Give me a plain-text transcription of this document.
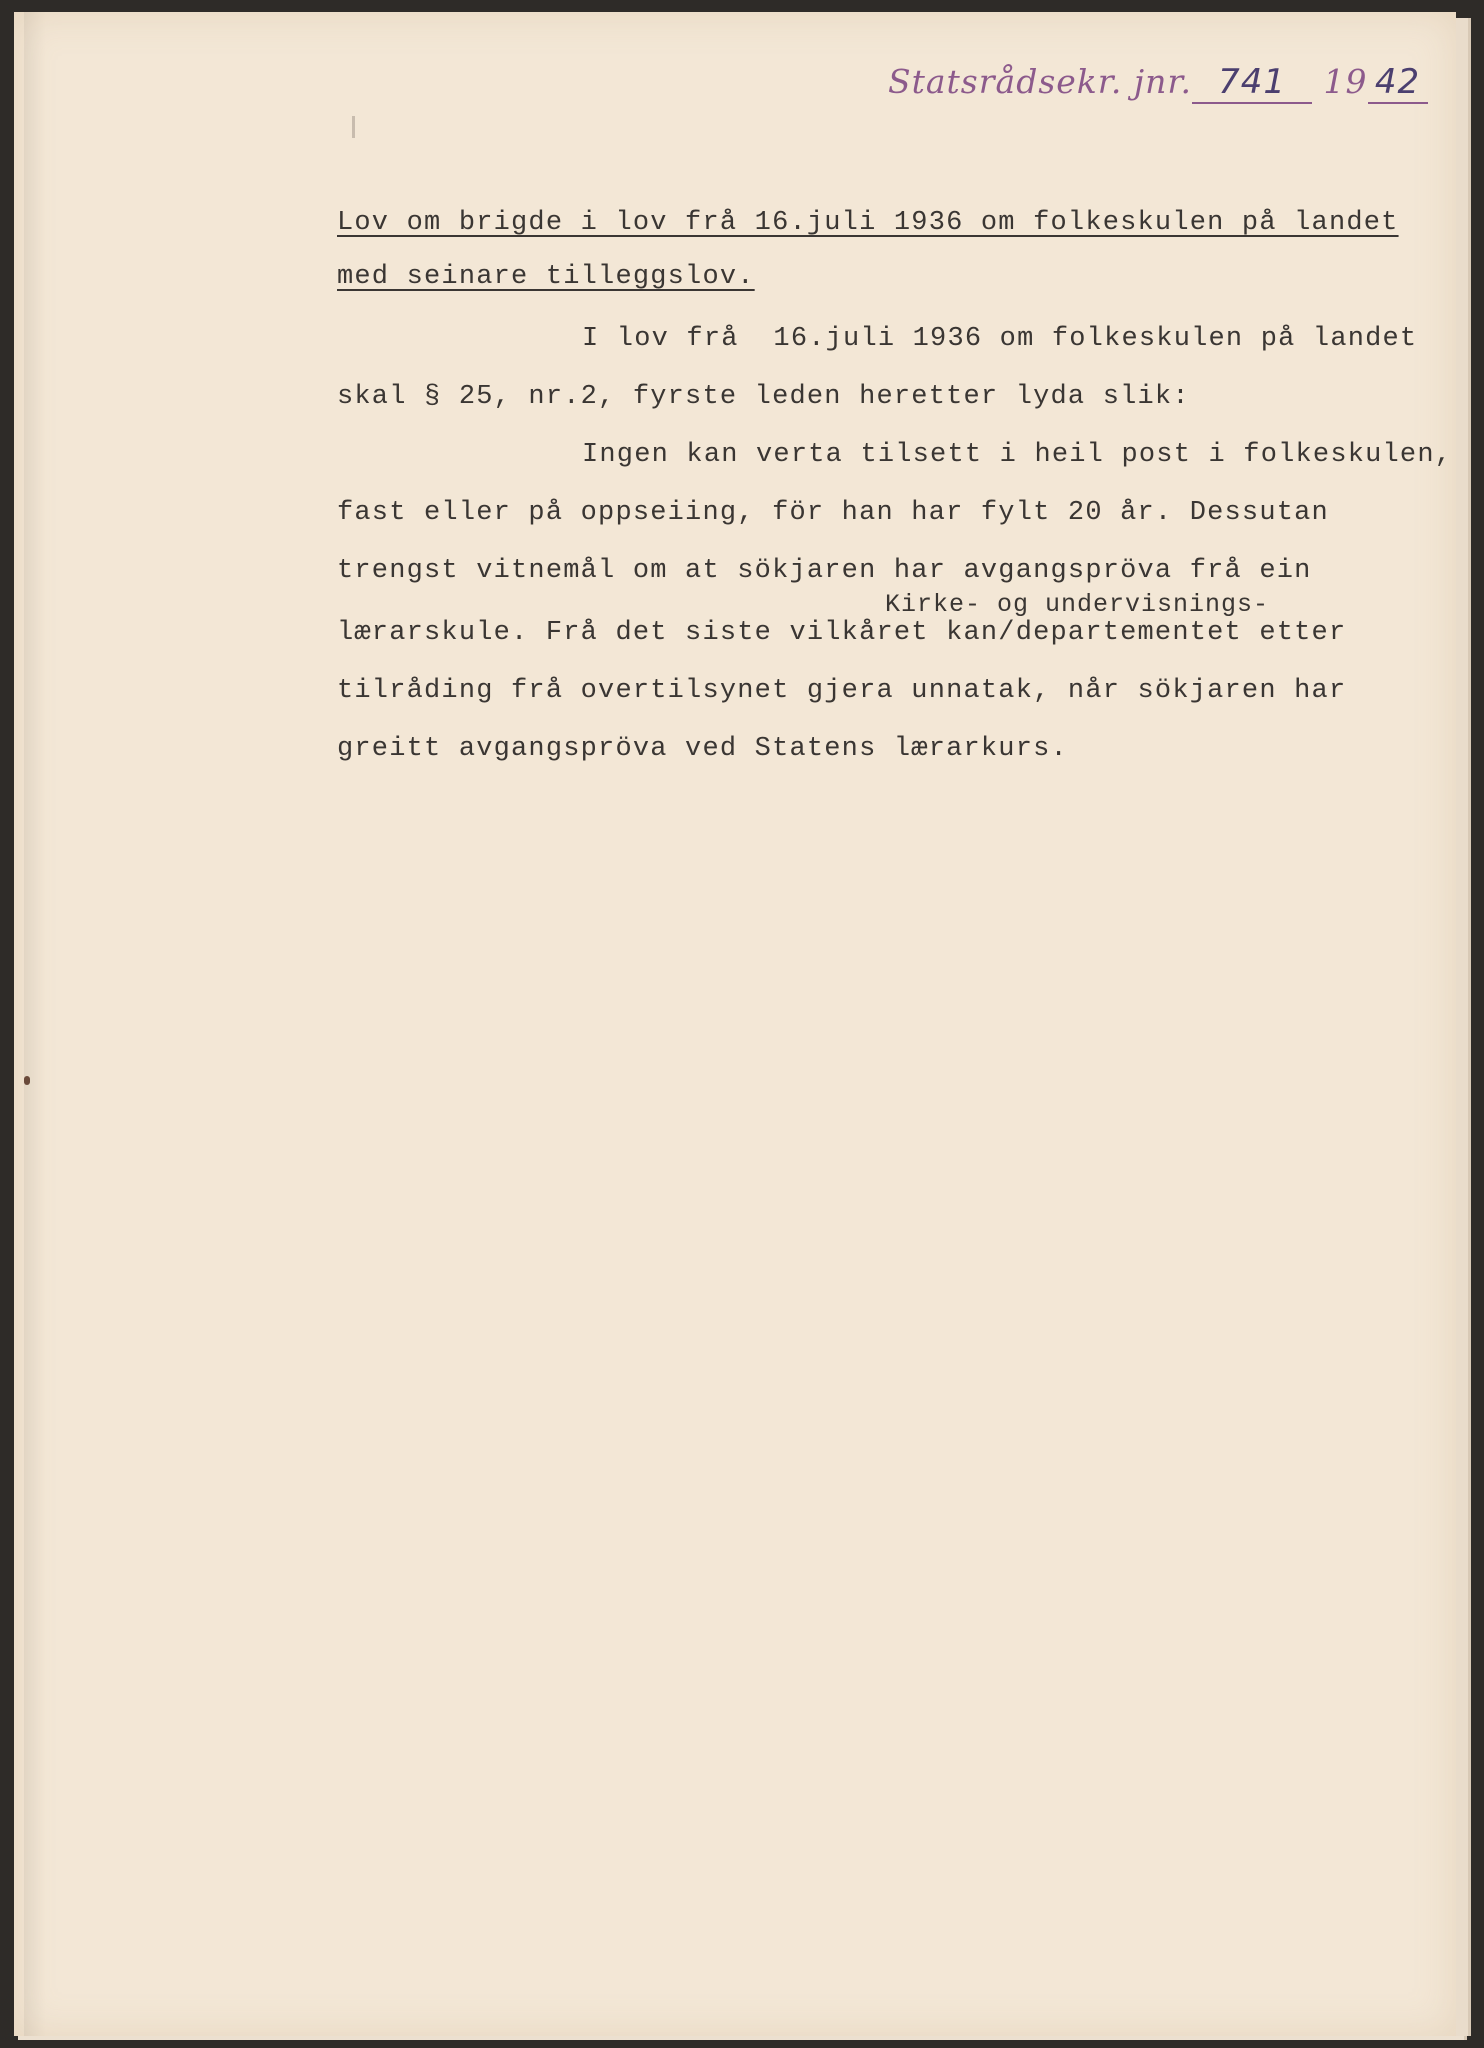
Statsrådsekr. jnr. 741 19 42
Lov om brigde i lov frå 16.juli 1936 om folkeskulen på landet
med seinare tilleggslov.
I lov frå  16.juli 1936 om folkeskulen på landet
skal § 25, nr.2, fyrste leden heretter lyda slik:
Ingen kan verta tilsett i heil post i folkeskulen,
fast eller på oppseiing, för han har fylt 20 år. Dessutan
trengst vitnemål om at sökjaren har avgangspröva frå ein
Kirke- og undervisnings-
lærarskule. Frå det siste vilkåret kan/departementet etter
tilråding frå overtilsynet gjera unnatak, når sökjaren har
greitt avgangspröva ved Statens lærarkurs.
